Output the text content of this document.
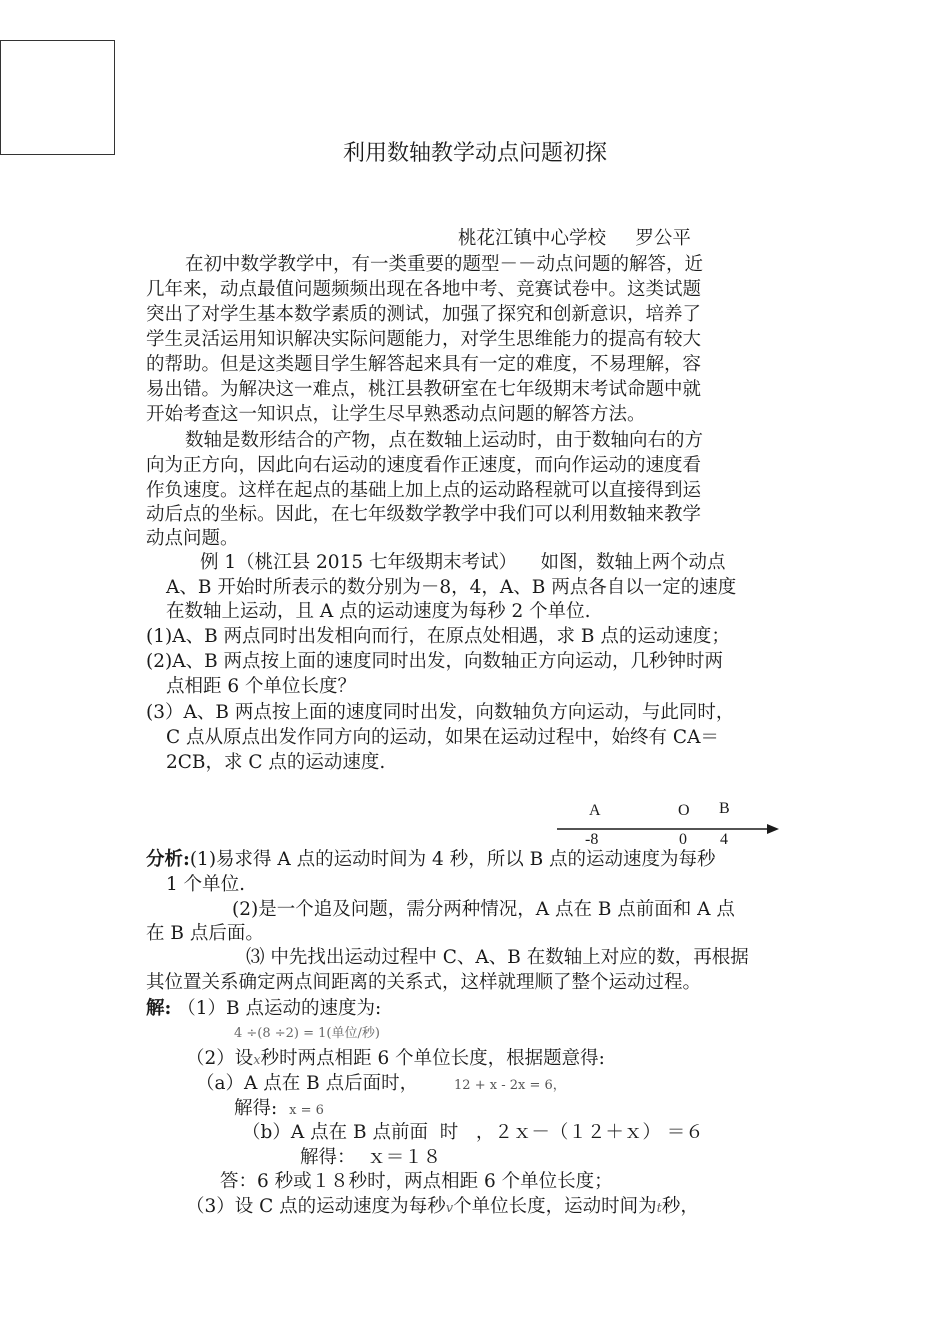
利用数轴教学动点问题初探
桃花江镇中心学校     罗公平
在初中数学教学中，有一类重要的题型－－动点问题的解答，近
几年来，动点最值问题频频出现在各地中考、竞赛试卷中。这类试题
突出了对学生基本数学素质的测试，加强了探究和创新意识，培养了
学生灵活运用知识解决实际问题能力，对学生思维能力的提高有较大
的帮助。但是这类题目学生解答起来具有一定的难度，不易理解，容
易出错。为解决这一难点，桃江县教研室在七年级期末考试命题中就
开始考查这一知识点，让学生尽早熟悉动点问题的解答方法。
数轴是数形结合的产物，点在数轴上运动时，由于数轴向右的方
向为正方向，因此向右运动的速度看作正速度，而向作运动的速度看
作负速度。这样在起点的基础上加上点的运动路程就可以直接得到运
动后点的坐标。因此，在七年级数学教学中我们可以利用数轴来教学
动点问题。
例 1（桃江县 2015 七年级期末考试）    如图，数轴上两个动点
A、B 开始时所表示的数分别为－8，4，A、B 两点各自以一定的速度
在数轴上运动，且 A 点的运动速度为每秒 2 个单位.
(1)A、B 两点同时出发相向而行，在原点处相遇，求 B 点的运动速度；
(2)A、B 两点按上面的速度同时出发，向数轴正方向运动，几秒钟时两
点相距 6 个单位长度？
(3）A、B 两点按上面的速度同时出发，向数轴负方向运动，与此同时，
C 点从原点出发作同方向的运动，如果在运动过程中，始终有 CA＝
2CB，求 C 点的运动速度.
A	O B
-8	0 4
分析:(1)易求得 A 点的运动时间为 4 秒，所以 B 点的运动速度为每秒
1 个单位.
(2)是一个追及问题，需分两种情况，A 点在 B 点前面和 A 点
在 B 点后面。
⑶ 中先找出运动过程中 C、A、B 在数轴上对应的数，再根据
其位置关系确定两点间距离的关系式，这样就理顺了整个运动过程。
解: （1）B 点运动的速度为:
4 ÷(8 ÷2) = 1(单位/秒)
（2）设x秒时两点相距 6 个单位长度，根据题意得:
（a）A 点在 B 点后面时，	12 + x - 2x = 6，
解得: x = 6
（b）A 点在 B 点前面  时   ，２ｘ－（１２＋ｘ） ＝６
解得：  ｘ＝１８
答：6 秒或１８秒时，两点相距 6 个单位长度；
（3）设 C 点的运动速度为每秒v个单位长度，运动时间为t秒，
